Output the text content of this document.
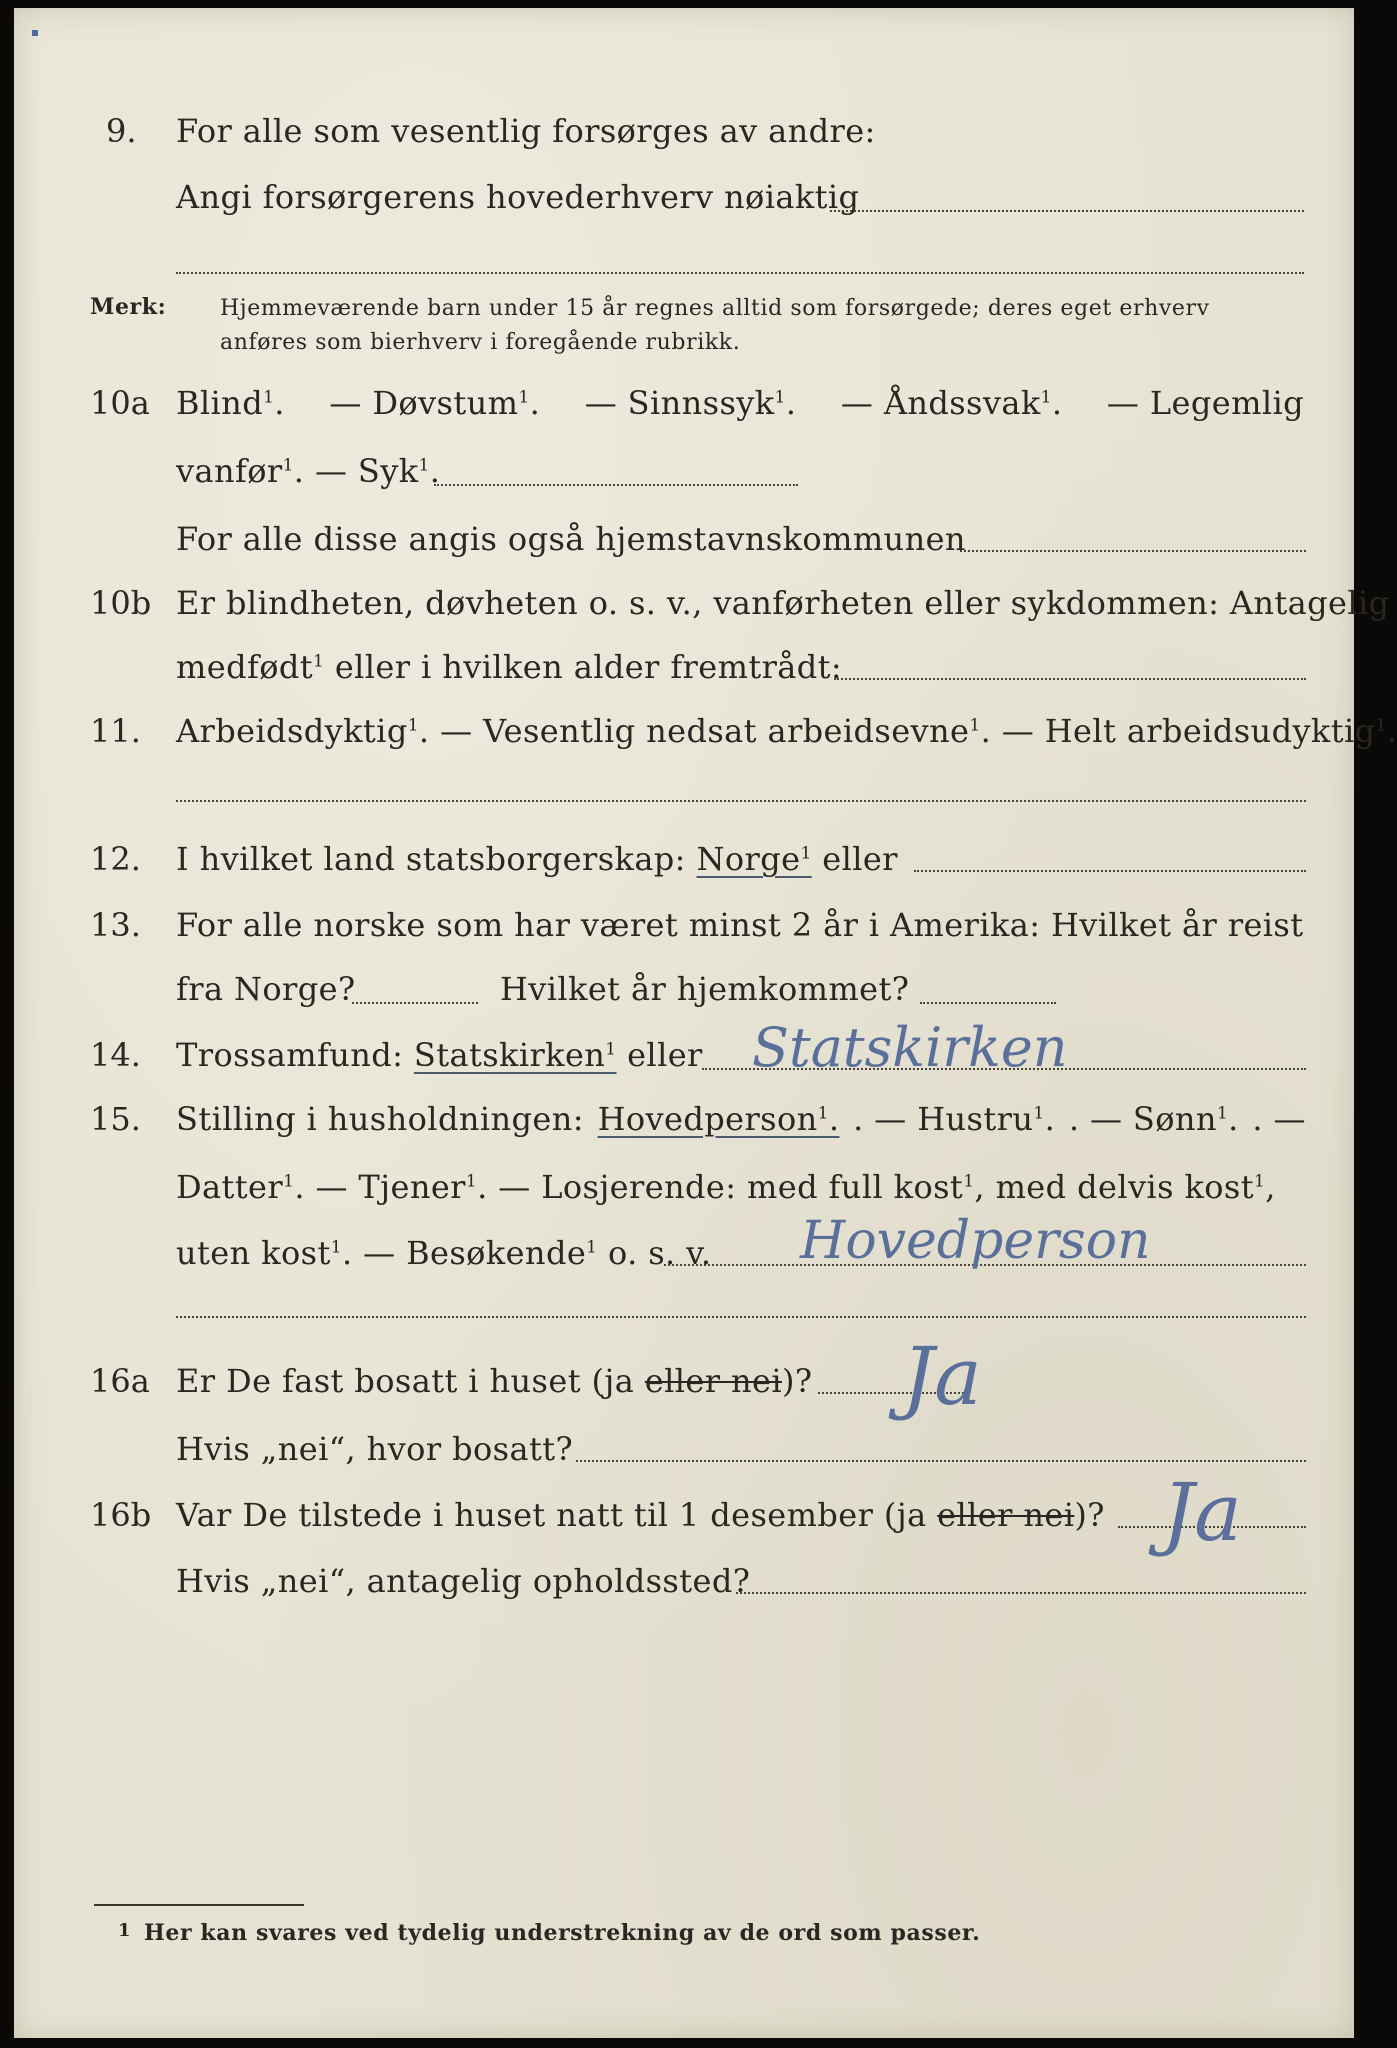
9. For alle som vesentlig forsørges av andre:
Angi forsørgerens hovederhverv nøiaktig
Merk: Hjemmeværende barn under 15 år regnes alltid som forsørgede; deres eget erhverv
anføres som bierhverv i foregående rubrikk.
10a Blind$^1$. — Døvstum$^1$. — Sinnssyk$^1$. — Åndssvak$^1$. — Legemlig
vanfør$^1$. — Syk$^1$.
For alle disse angis også hjemstavnskommunen
10b Er blindheten, døvheten o. s. v., vanførheten eller sykdommen: Antagelig
medfødt$^1$ eller i hvilken alder fremtrådt:
11. Arbeidsdyktig$^1$. — Vesentlig nedsat arbeidsevne$^1$. — Helt arbeidsudyktig$^1$.
12. I hvilket land statsborgerskap: Norge$^1$ eller
13. For alle norske som har været minst 2 år i Amerika: Hvilket år reist
fra Norge?	Hvilket år hjemkommet?
14. Trossamfund: Statskirken$^1$ eller Statskirken
15. Stilling i husholdningen: Hovedperson$^1$. . — Hustru$^1$. . — Sønn$^1$. . —
Datter$^1$. — Tjener$^1$. — Losjerende: med full kost$^1$, med delvis kost$^1$,
uten kost$^1$. — Besøkende$^1$ o. s. v. Hovedperson
16a Er De fast bosatt i huset (ja eller nei)? Ja
Hvis „nei“, hvor bosatt?
16b Var De tilstede i huset natt til 1 desember (ja eller nei)? Ja
Hvis „nei“, antagelig opholdssted?
1 Her kan svares ved tydelig understrekning av de ord som passer.
